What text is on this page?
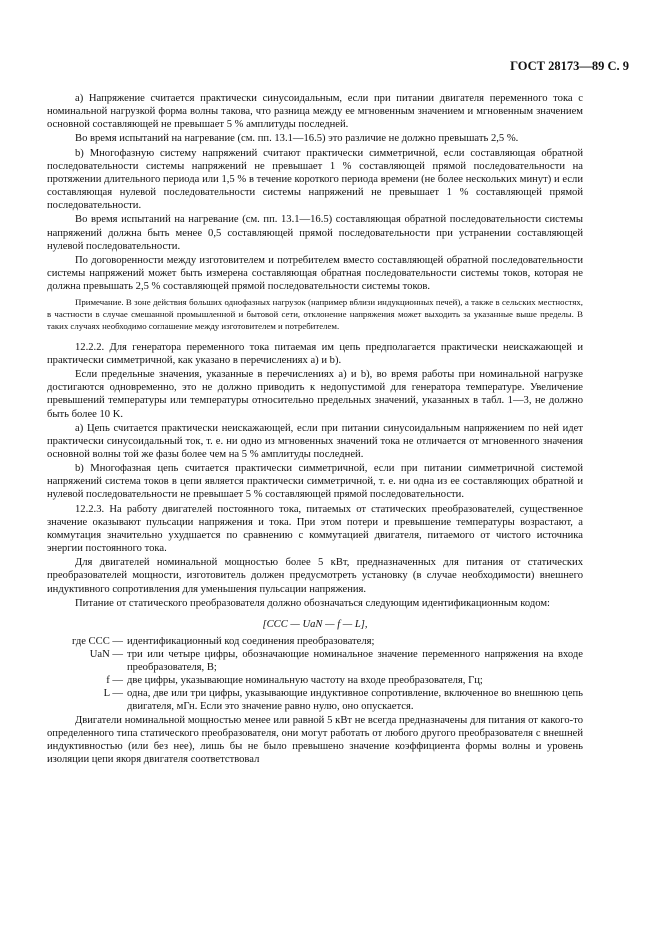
ГОСТ 28173—89 С. 9

a) Напряжение считается практически синусоидальным, если при питании двигателя переменного тока с номинальной нагрузкой форма волны такова, что разница между ее мгновенным значением и мгновенным значением основной составляющей не превышает 5 % амплитуды последней.

Во время испытаний на нагревание (см. пп. 13.1—16.5) это различие не должно превышать 2,5 %.

b) Многофазную систему напряжений считают практически симметричной, если составляющая обратной последовательности системы напряжений не превышает 1 % составляющей прямой последовательности на протяжении длительного периода или 1,5 % в течение короткого периода времени (не более нескольких минут) и если составляющая нулевой последовательности системы напряжений не превышает 1 % составляющей прямой последовательности.

Во время испытаний на нагревание (см. пп. 13.1—16.5) составляющая обратной последовательности системы напряжений должна быть менее 0,5 составляющей прямой последовательности при устранении составляющей нулевой последовательности.

По договоренности между изготовителем и потребителем вместо составляющей обратной последовательности системы напряжений может быть измерена составляющая обратная последовательности системы токов, которая не должна превышать 2,5 % составляющей прямой последовательности системы токов.

Примечание. В зоне действия больших однофазных нагрузок (например вблизи индукционных печей), а также в сельских местностях, в частности в случае смешанной промышленной и бытовой сети, отклонение напряжения может выходить за указанные выше пределы. В таких случаях необходимо соглашение между изготовителем и потребителем.

12.2.2. Для генератора переменного тока питаемая им цепь предполагается практически неискажающей и практически симметричной, как указано в перечислениях а) и b).

Если предельные значения, указанные в перечислениях а) и b), во время работы при номинальной нагрузке достигаются одновременно, это не должно приводить к недопустимой для генератора температуре. Увеличение превышений температуры или температуры относительно предельных значений, указанных в табл. 1—3, не должно быть более 10 K.

a) Цепь считается практически неискажающей, если при питании синусоидальным напряжением по ней идет практически синусоидальный ток, т. е. ни одно из мгновенных значений тока не отличается от мгновенного значения основной волны той же фазы более чем на 5 % амплитуды последней.

b) Многофазная цепь считается практически симметричной, если при питании симметричной системой напряжений система токов в цепи является практически симметричной, т. е. ни одна из ее составляющих обратной и нулевой последовательности не превышает 5 % составляющей прямой последовательности.

12.2.3. На работу двигателей постоянного тока, питаемых от статических преобразователей, существенное значение оказывают пульсации напряжения и тока. При этом потери и превышение температуры возрастают, а коммутация значительно ухудшается по сравнению с коммутацией двигателя, питаемого от чистого источника энергии постоянного тока.

Для двигателей номинальной мощностью более 5 кВт, предназначенных для питания от статических преобразователей мощности, изготовитель должен предусмотреть установку (в случае необходимости) внешнего индуктивного сопротивления для уменьшения пульсации напряжения.

Питание от статического преобразователя должно обозначаться следующим идентификационным кодом:

[CCC — UaN — f — L],
где CCC — идентификационный код соединения преобразователя;
UaN — три или четыре цифры, обозначающие номинальное значение переменного напряжения на входе преобразователя, В;
f — две цифры, указывающие номинальную частоту на входе преобразователя, Гц;
L — одна, две или три цифры, указывающие индуктивное сопротивление, включенное во внешнюю цепь двигателя, мГн. Если это значение равно нулю, оно опускается.

Двигатели номинальной мощностью менее или равной 5 кВт не всегда предназначены для питания от какого-то определенного типа статического преобразователя, они могут работать от любого другого преобразователя с внешней индуктивностью (или без нее), лишь бы не было превышено значение коэффициента формы волны и уровень изоляции цепи якоря двигателя соответствовал
